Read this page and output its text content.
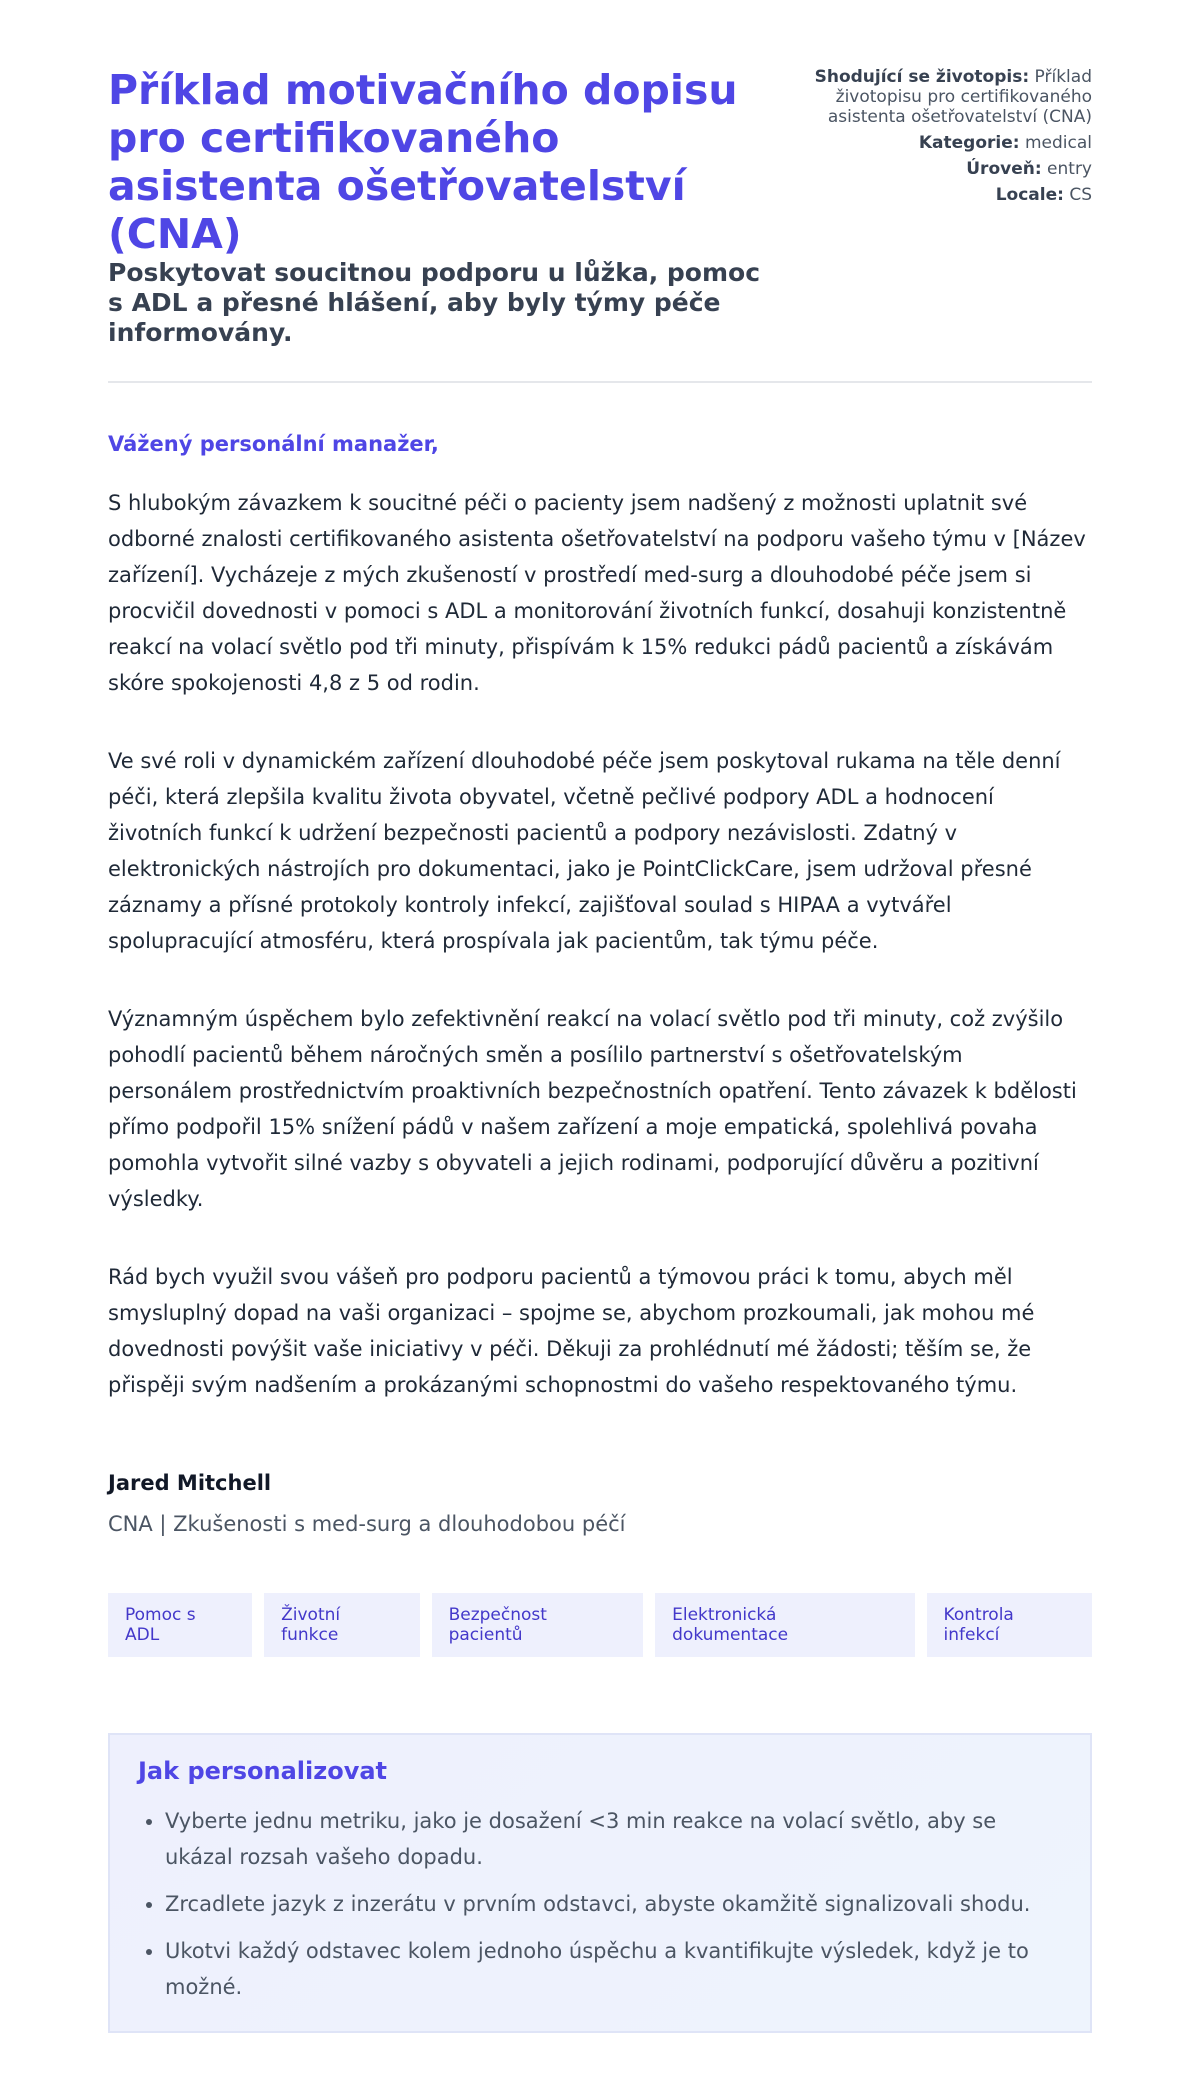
Příklad motivačního dopisu pro certifikovaného asistenta ošetřovatelství (CNA)
Poskytovat soucitnou podporu u lůžka, pomoc s ADL a přesné hlášení, aby byly týmy péče informovány.
Shodující se životopis: Příklad životopisu pro certifikovaného asistenta ošetřovatelství (CNA)
Kategorie: medical
Úroveň: entry
Locale: CS

Vážený personální manažer,

S hlubokým závazkem k soucitné péči o pacienty jsem nadšený z možnosti uplatnit své odborné znalosti certifikovaného asistenta ošetřovatelství na podporu vašeho týmu v [Název zařízení]. Vycházeje z mých zkušeností v prostředí med-surg a dlouhodobé péče jsem si procvičil dovednosti v pomoci s ADL a monitorování životních funkcí, dosahuji konzistentně reakcí na volací světlo pod tři minuty, přispívám k 15% redukci pádů pacientů a získávám skóre spokojenosti 4,8 z 5 od rodin.

Ve své roli v dynamickém zařízení dlouhodobé péče jsem poskytoval rukama na těle denní péči, která zlepšila kvalitu života obyvatel, včetně pečlivé podpory ADL a hodnocení životních funkcí k udržení bezpečnosti pacientů a podpory nezávislosti. Zdatný v elektronických nástrojích pro dokumentaci, jako je PointClickCare, jsem udržoval přesné záznamy a přísné protokoly kontroly infekcí, zajišťoval soulad s HIPAA a vytvářel spolupracující atmosféru, která prospívala jak pacientům, tak týmu péče.

Významným úspěchem bylo zefektivnění reakcí na volací světlo pod tři minuty, což zvýšilo pohodlí pacientů během náročných směn a posílilo partnerství s ošetřovatelským personálem prostřednictvím proaktivních bezpečnostních opatření. Tento závazek k bdělosti přímo podpořil 15% snížení pádů v našem zařízení a moje empatická, spolehlivá povaha pomohla vytvořit silné vazby s obyvateli a jejich rodinami, podporující důvěru a pozitivní výsledky.

Rád bych využil svou vášeň pro podporu pacientů a týmovou práci k tomu, abych měl smysluplný dopad na vaši organizaci – spojme se, abychom prozkoumali, jak mohou mé dovednosti povýšit vaše iniciativy v péči. Děkuji za prohlédnutí mé žádosti; těším se, že přispěji svým nadšením a prokázanými schopnostmi do vašeho respektovaného týmu.

Jared Mitchell
CNA | Zkušenosti s med-surg a dlouhodobou péčí
Pomoc s ADL
Životní funkce
Bezpečnost pacientů
Elektronická dokumentace
Kontrola infekcí
Jak personalizovat
• Vyberte jednu metriku, jako je dosažení <3 min reakce na volací světlo, aby se ukázal rozsah vašeho dopadu.
• Zrcadlete jazyk z inzerátu v prvním odstavci, abyste okamžitě signalizovali shodu.
• Ukotvi každý odstavec kolem jednoho úspěchu a kvantifikujte výsledek, když je to možné.
